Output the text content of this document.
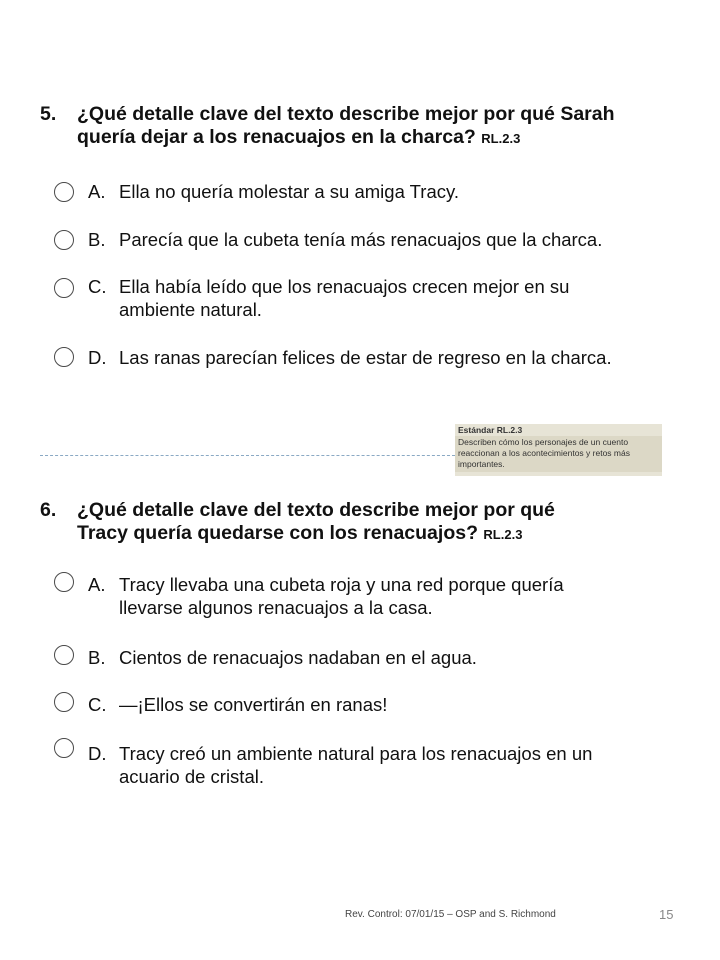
5. ¿Qué detalle clave del texto describe mejor por qué Sarah
quería dejar a los renacuajos en la charca? RL.2.3
A. Ella no quería molestar a su amiga Tracy.
B. Parecía que la cubeta tenía más renacuajos que la charca.
C. Ella había leído que los renacuajos crecen mejor en su
ambiente natural.
D. Las ranas parecían felices de estar de regreso en la charca.
Estándar RL.2.3
Describen cómo los personajes de un cuento
reaccionan a los acontecimientos y retos más
importantes.
6. ¿Qué detalle clave del texto describe mejor por qué
Tracy quería quedarse con los renacuajos? RL.2.3
A. Tracy llevaba una cubeta roja y una red porque quería
llevarse algunos renacuajos a la casa.
B. Cientos de renacuajos nadaban en el agua.
C. —¡Ellos se convertirán en ranas!
D. Tracy creó un ambiente natural para los renacuajos en un
acuario de cristal.
Rev. Control: 07/01/15 – OSP and S. Richmond	15
